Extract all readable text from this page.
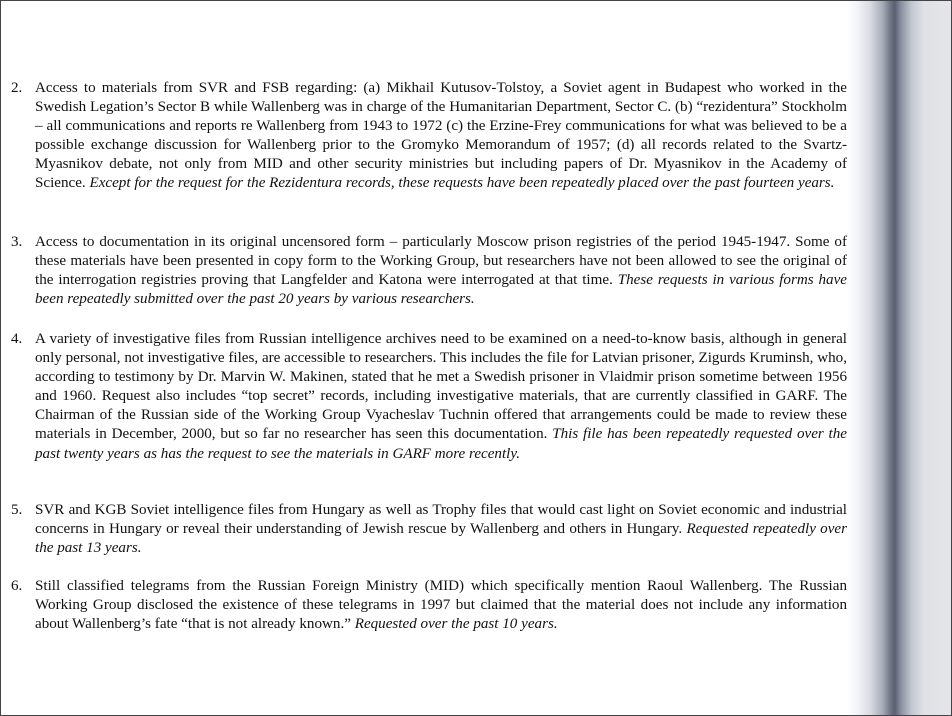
2. Access to materials from SVR and FSB regarding: (a) Mikhail Kutusov-Tolstoy, a Soviet agent in Budapest who worked in the Swedish Legation’s Sector B while Wallenberg was in charge of the Humanitarian Department, Sector C. (b) “rezidentura” Stockholm – all communications and reports re Wallenberg from 1943 to 1972 (c) the Erzine-Frey communications for what was believed to be a possible exchange discussion for Wallenberg prior to the Gromyko Memorandum of 1957; (d) all records related to the Svartz-Myasnikov debate, not only from MID and other security ministries but including papers of Dr. Myasnikov in the Academy of Science. Except for the request for the Rezidentura records, these requests have been repeatedly placed over the past fourteen years.
3. Access to documentation in its original uncensored form – particularly Moscow prison registries of the period 1945-1947. Some of these materials have been presented in copy form to the Working Group, but researchers have not been allowed to see the original of the interrogation registries proving that Langfelder and Katona were interrogated at that time. These requests in various forms have been repeatedly submitted over the past 20 years by various researchers.
4. A variety of investigative files from Russian intelligence archives need to be examined on a need-to-know basis, although in general only personal, not investigative files, are accessible to researchers. This includes the file for Latvian prisoner, Zigurds Kruminsh, who, according to testimony by Dr. Marvin W. Makinen, stated that he met a Swedish prisoner in Vlaidmir prison sometime between 1956 and 1960. Request also includes “top secret” records, including investigative materials, that are currently classified in GARF. The Chairman of the Russian side of the Working Group Vyacheslav Tuchnin offered that arrangements could be made to review these materials in December, 2000, but so far no researcher has seen this documentation. This file has been repeatedly requested over the past twenty years as has the request to see the materials in GARF more recently.
5. SVR and KGB Soviet intelligence files from Hungary as well as Trophy files that would cast light on Soviet economic and industrial concerns in Hungary or reveal their understanding of Jewish rescue by Wallenberg and others in Hungary. Requested repeatedly over the past 13 years.
6. Still classified telegrams from the Russian Foreign Ministry (MID) which specifically mention Raoul Wallenberg. The Russian Working Group disclosed the existence of these telegrams in 1997 but claimed that the material does not include any information about Wallenberg’s fate “that is not already known.” Requested over the past 10 years.
